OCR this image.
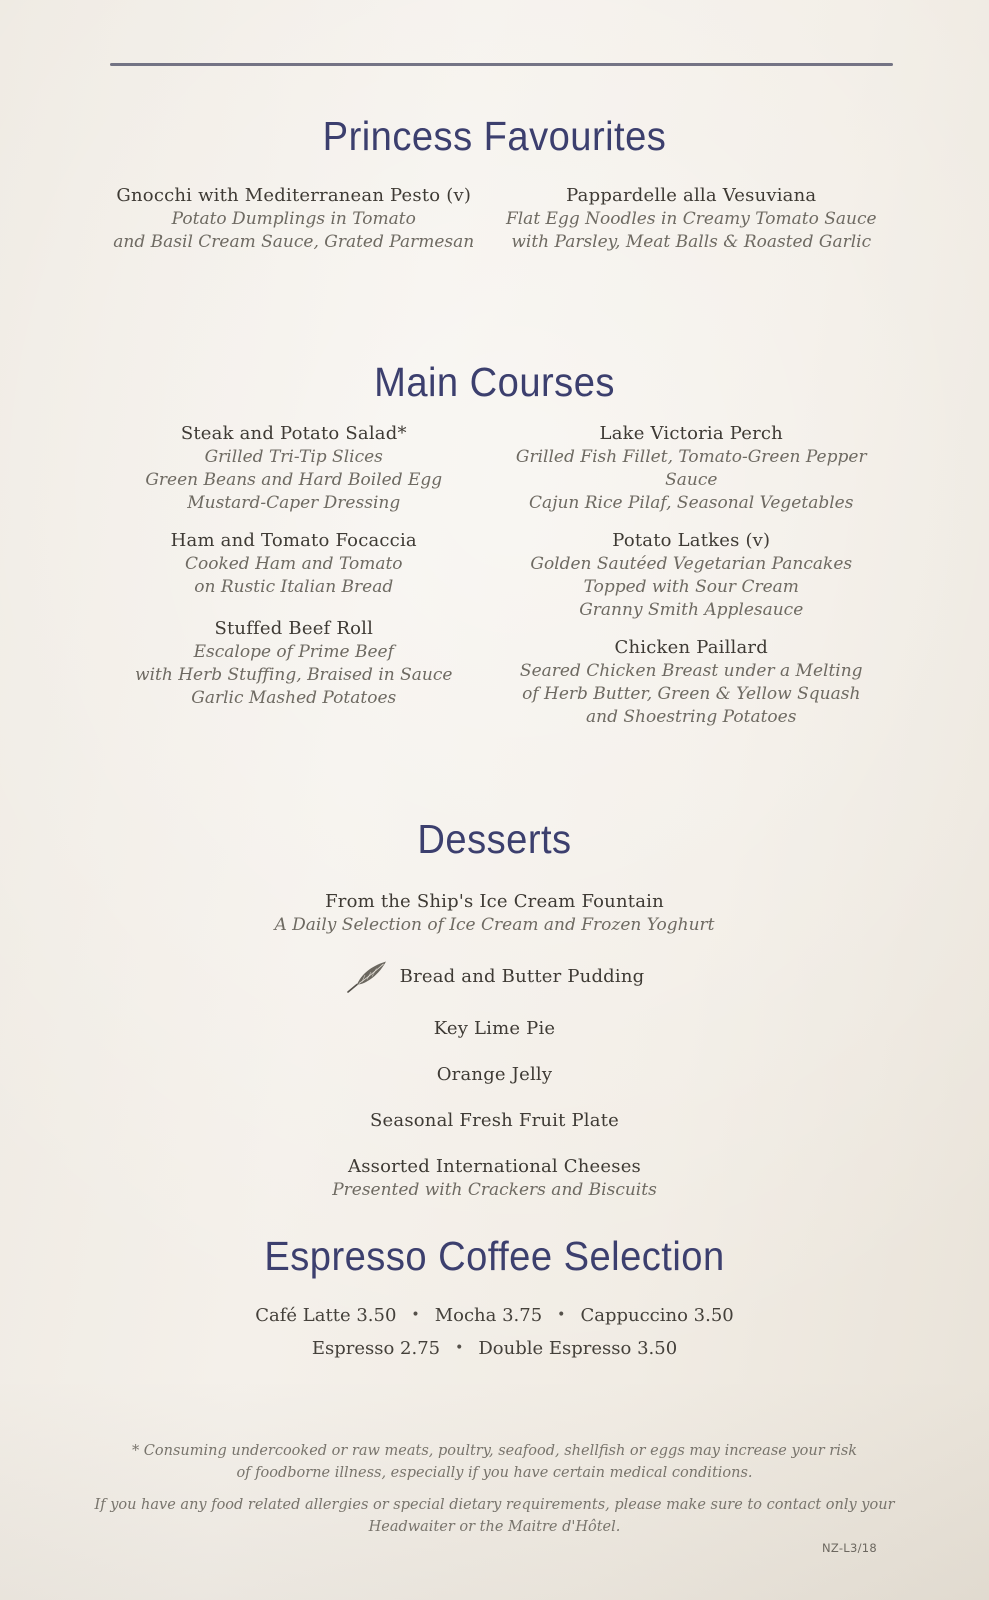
Princess Favourites
Gnocchi with Mediterranean Pesto (v)
Potato Dumplings in Tomato
and Basil Cream Sauce, Grated Parmesan
Pappardelle alla Vesuviana
Flat Egg Noodles in Creamy Tomato Sauce
with Parsley, Meat Balls & Roasted Garlic
Main Courses
Steak and Potato Salad*
Grilled Tri-Tip Slices
Green Beans and Hard Boiled Egg
Mustard-Caper Dressing
Ham and Tomato Focaccia
Cooked Ham and Tomato
on Rustic Italian Bread
Stuffed Beef Roll
Escalope of Prime Beef
with Herb Stuffing, Braised in Sauce
Garlic Mashed Potatoes
Lake Victoria Perch
Grilled Fish Fillet, Tomato-Green Pepper Sauce
Cajun Rice Pilaf, Seasonal Vegetables
Potato Latkes (v)
Golden Sautéed Vegetarian Pancakes
Topped with Sour Cream
Granny Smith Applesauce
Chicken Paillard
Seared Chicken Breast under a Melting
of Herb Butter, Green & Yellow Squash
and Shoestring Potatoes
Desserts
From the Ship's Ice Cream Fountain
A Daily Selection of Ice Cream and Frozen Yoghurt
Bread and Butter Pudding
Key Lime Pie
Orange Jelly
Seasonal Fresh Fruit Plate
Assorted International Cheeses
Presented with Crackers and Biscuits
Espresso Coffee Selection
Café Latte 3.50 • Mocha 3.75 • Cappuccino 3.50
Espresso 2.75 • Double Espresso 3.50
* Consuming undercooked or raw meats, poultry, seafood, shellfish or eggs may increase your risk
of foodborne illness, especially if you have certain medical conditions.
If you have any food related allergies or special dietary requirements, please make sure to contact only your
Headwaiter or the Maitre d'Hôtel.
NZ-L3/18
